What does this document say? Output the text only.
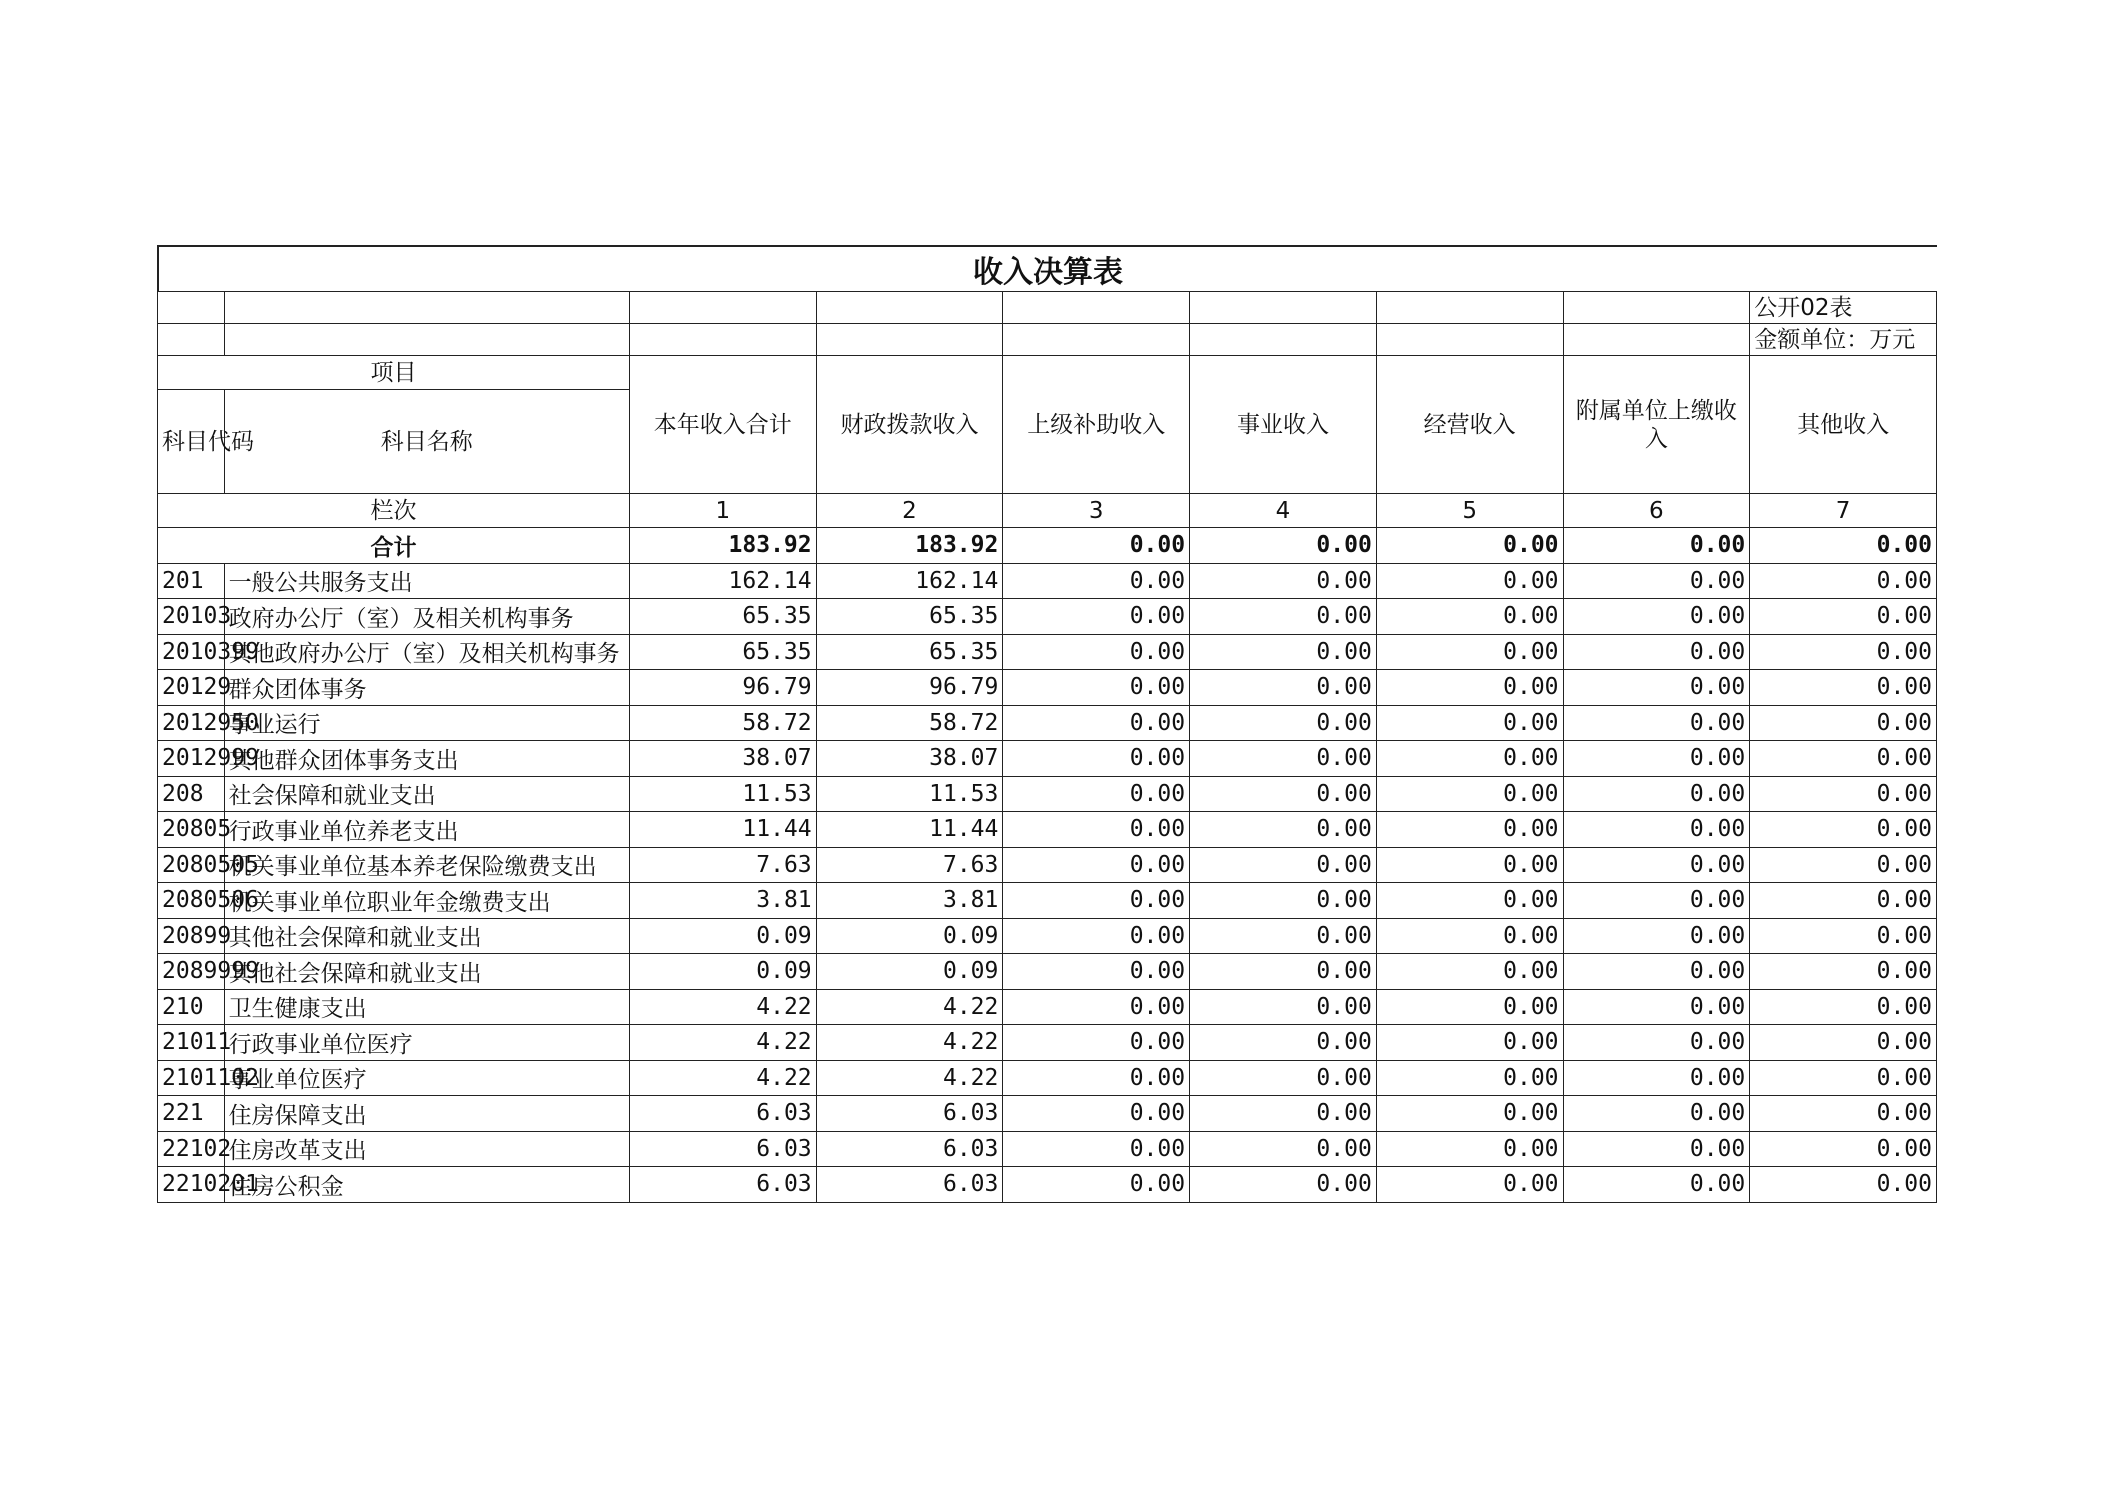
收入决算表
								公开02表
								金额单位：万元
项目		本年收入合计	财政拨款收入	上级补助收入	事业收入	经营收入	附属单位上缴收入	其他收入
科目代码	科目名称							
栏次		1	2	3	4	5	6	7
合计		183.92	183.92	0.00	0.00	0.00	0.00	0.00
201	一般公共服务支出	162.14	162.14	0.00	0.00	0.00	0.00	0.00
20103	政府办公厅（室）及相关机构事务	65.35	65.35	0.00	0.00	0.00	0.00	0.00
2010399	其他政府办公厅（室）及相关机构事务	65.35	65.35	0.00	0.00	0.00	0.00	0.00
20129	群众团体事务	96.79	96.79	0.00	0.00	0.00	0.00	0.00
2012950	事业运行	58.72	58.72	0.00	0.00	0.00	0.00	0.00
2012999	其他群众团体事务支出	38.07	38.07	0.00	0.00	0.00	0.00	0.00
208	社会保障和就业支出	11.53	11.53	0.00	0.00	0.00	0.00	0.00
20805	行政事业单位养老支出	11.44	11.44	0.00	0.00	0.00	0.00	0.00
2080505	机关事业单位基本养老保险缴费支出	7.63	7.63	0.00	0.00	0.00	0.00	0.00
2080506	机关事业单位职业年金缴费支出	3.81	3.81	0.00	0.00	0.00	0.00	0.00
20899	其他社会保障和就业支出	0.09	0.09	0.00	0.00	0.00	0.00	0.00
2089999	其他社会保障和就业支出	0.09	0.09	0.00	0.00	0.00	0.00	0.00
210	卫生健康支出	4.22	4.22	0.00	0.00	0.00	0.00	0.00
21011	行政事业单位医疗	4.22	4.22	0.00	0.00	0.00	0.00	0.00
2101102	事业单位医疗	4.22	4.22	0.00	0.00	0.00	0.00	0.00
221	住房保障支出	6.03	6.03	0.00	0.00	0.00	0.00	0.00
22102	住房改革支出	6.03	6.03	0.00	0.00	0.00	0.00	0.00
2210201	住房公积金	6.03	6.03	0.00	0.00	0.00	0.00	0.00
